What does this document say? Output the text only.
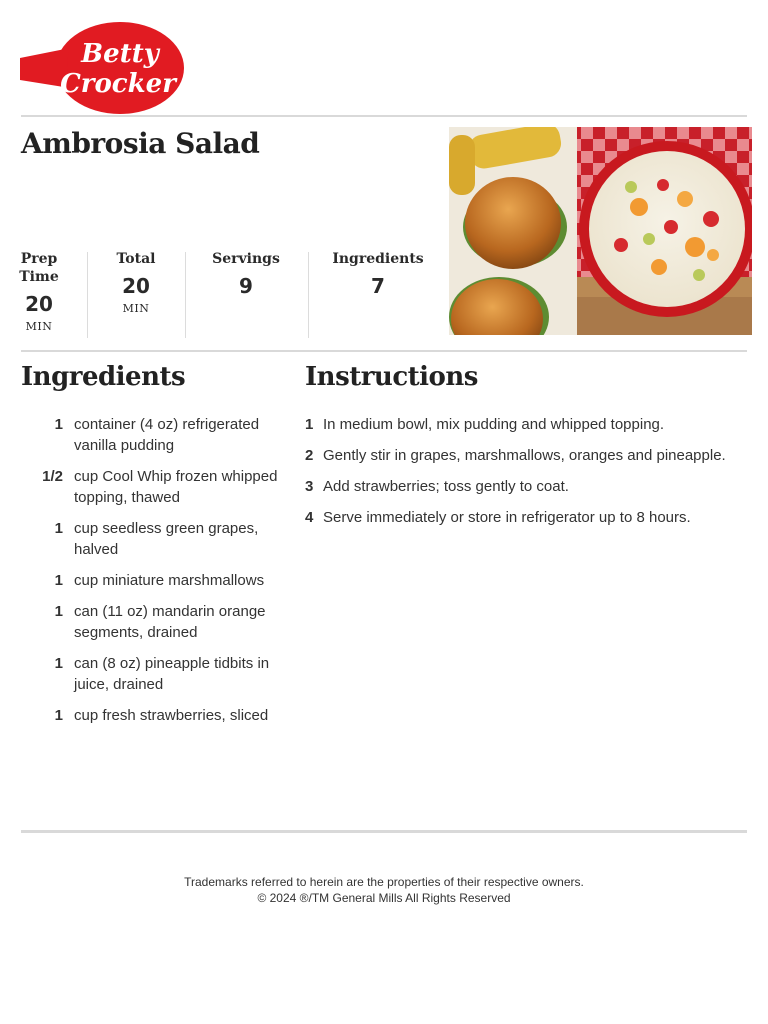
Betty
Crocker
Ambrosia Salad
Prep
Time
20
MIN
Total
20
MIN
Servings
9
Ingredients
7
Ingredients
1 container (4 oz) refrigerated vanilla pudding
1/2 cup Cool Whip frozen whipped topping, thawed
1 cup seedless green grapes, halved
1 cup miniature marshmallows
1 can (11 oz) mandarin orange segments, drained
1 can (8 oz) pineapple tidbits in juice, drained
1 cup fresh strawberries, sliced
Instructions
1 In medium bowl, mix pudding and whipped topping.
2 Gently stir in grapes, marshmallows, oranges and pineapple.
3 Add strawberries; toss gently to coat.
4 Serve immediately or store in refrigerator up to 8 hours.
Trademarks referred to herein are the properties of their respective owners.
© 2024 ®/TM General Mills All Rights Reserved
